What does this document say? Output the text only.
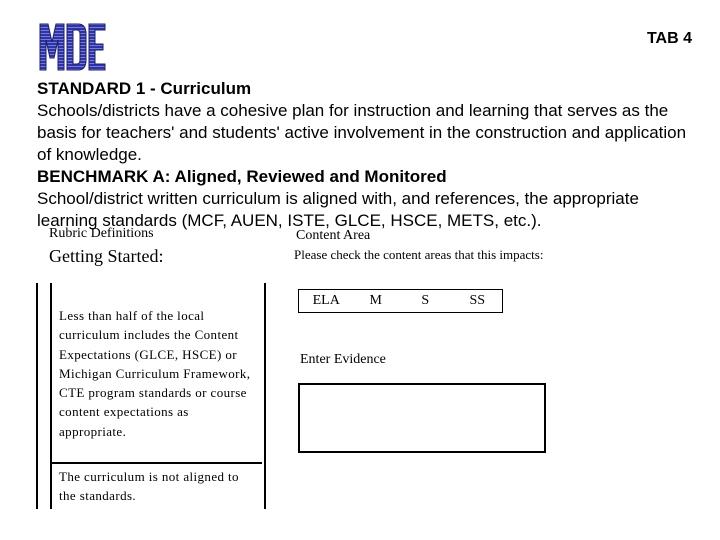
TAB 4
STANDARD 1 - Curriculum
Schools/districts have a cohesive plan for instruction and learning that serves as the basis for teachers' and students' active involvement in the construction and application of knowledge.
BENCHMARK A: Aligned, Reviewed and Monitored
School/district written curriculum is aligned with, and references, the appropriate learning standards (MCF, AUEN, ISTE, GLCE, HSCE, METS, etc.).
Rubric Definitions
Getting Started:
Content Area
Please check the content areas that this impacts:
Less than half of the local curriculum includes the Content Expectations (GLCE, HSCE) or Michigan Curriculum Framework, CTE program standards or course content expectations as appropriate.
The curriculum is not aligned to the standards.
ELA	M	S	SS
Enter Evidence
